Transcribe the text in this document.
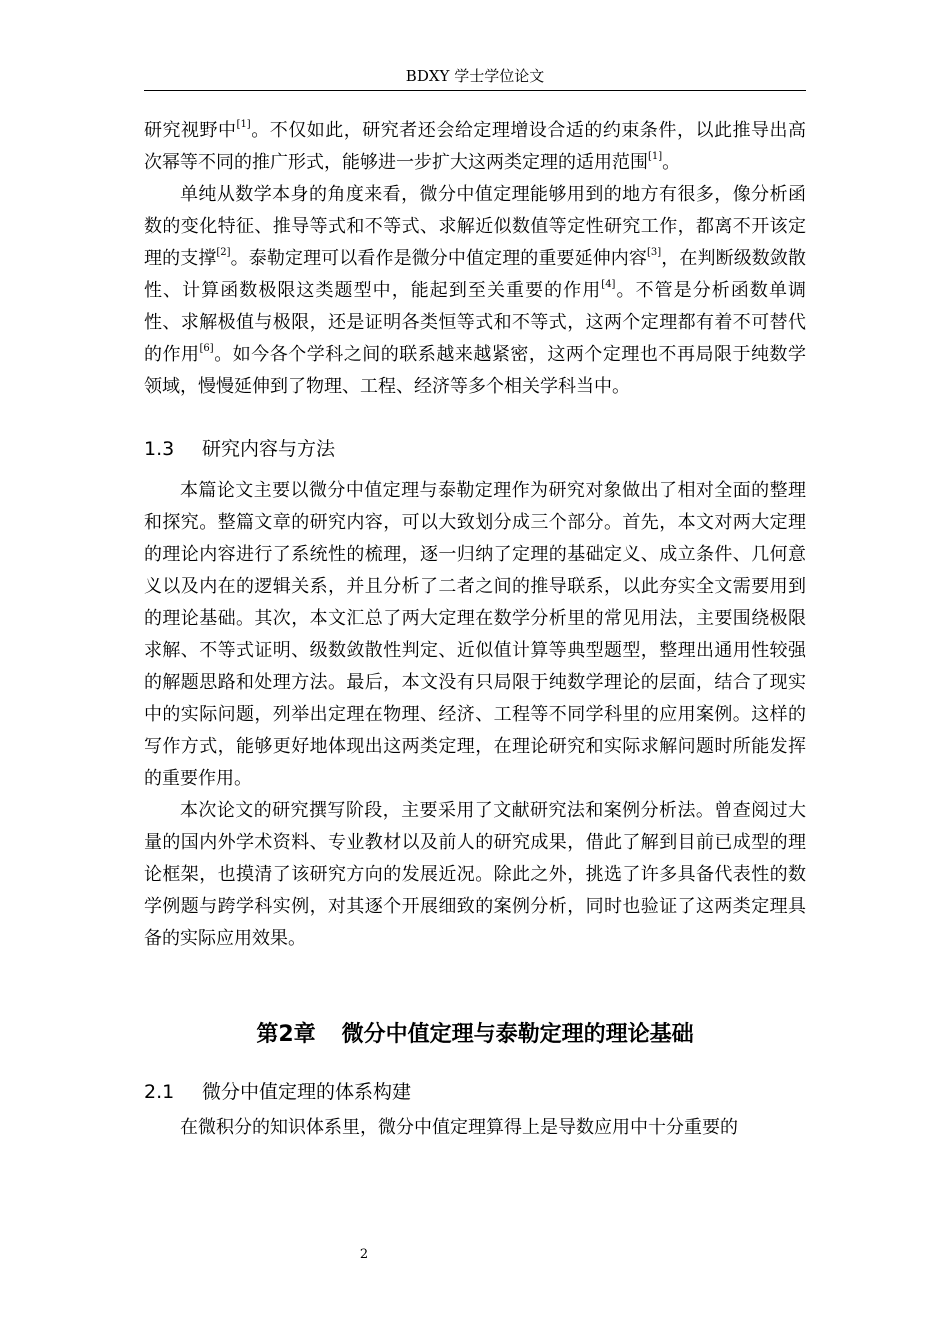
BDXY 学士学位论文

研究视野中[1]。不仅如此，研究者还会给定理增设合适的约束条件，以此推导出高次幂等不同的推广形式，能够进一步扩大这两类定理的适用范围[1]。

单纯从数学本身的角度来看，微分中值定理能够用到的地方有很多，像分析函数的变化特征、推导等式和不等式、求解近似数值等定性研究工作，都离不开该定理的支撑[2]。泰勒定理可以看作是微分中值定理的重要延伸内容[3]，在判断级数敛散性、计算函数极限这类题型中，能起到至关重要的作用[4]。不管是分析函数单调性、求解极值与极限，还是证明各类恒等式和不等式，这两个定理都有着不可替代的作用[6]。如今各个学科之间的联系越来越紧密，这两个定理也不再局限于纯数学领域，慢慢延伸到了物理、工程、经济等多个相关学科当中。

1.3 研究内容与方法

本篇论文主要以微分中值定理与泰勒定理作为研究对象做出了相对全面的整理和探究。整篇文章的研究内容，可以大致划分成三个部分。首先，本文对两大定理的理论内容进行了系统性的梳理，逐一归纳了定理的基础定义、成立条件、几何意义以及内在的逻辑关系，并且分析了二者之间的推导联系，以此夯实全文需要用到的理论基础。其次，本文汇总了两大定理在数学分析里的常见用法，主要围绕极限求解、不等式证明、级数敛散性判定、近似值计算等典型题型，整理出通用性较强的解题思路和处理方法。最后，本文没有只局限于纯数学理论的层面，结合了现实中的实际问题，列举出定理在物理、经济、工程等不同学科里的应用案例。这样的写作方式，能够更好地体现出这两类定理，在理论研究和实际求解问题时所能发挥的重要作用。

本次论文的研究撰写阶段，主要采用了文献研究法和案例分析法。曾查阅过大量的国内外学术资料、专业教材以及前人的研究成果，借此了解到目前已成型的理论框架，也摸清了该研究方向的发展近况。除此之外，挑选了许多具备代表性的数学例题与跨学科实例，对其逐个开展细致的案例分析，同时也验证了这两类定理具备的实际应用效果。

第2章 微分中值定理与泰勒定理的理论基础
2.1 微分中值定理的体系构建

在微积分的知识体系里，微分中值定理算得上是导数应用中十分重要的

2
